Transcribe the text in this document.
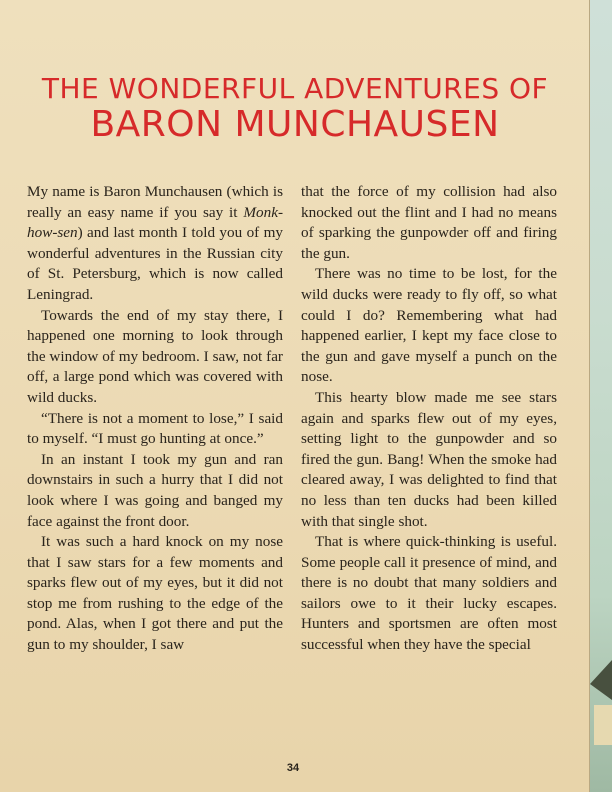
THE WONDERFUL ADVENTURES OF
BARON MUNCHAUSEN

My name is Baron Munchausen (which is really an easy name if you say it Monk-how-sen) and last month I told you of my wonderful adventures in the Russian city of St. Petersburg, which is now called Leningrad.

Towards the end of my stay there, I happened one morning to look through the window of my bedroom. I saw, not far off, a large pond which was covered with wild ducks.

“There is not a moment to lose,” I said to myself. “I must go hunting at once.”

In an instant I took my gun and ran downstairs in such a hurry that I did not look where I was going and banged my face against the front door.

It was such a hard knock on my nose that I saw stars for a few moments and sparks flew out of my eyes, but it did not stop me from rushing to the edge of the pond. Alas, when I got there and put the gun to my shoulder, I saw

that the force of my collision had also knocked out the flint and I had no means of sparking the gunpowder off and firing the gun.

There was no time to be lost, for the wild ducks were ready to fly off, so what could I do? Remembering what had happened earlier, I kept my face close to the gun and gave myself a punch on the nose.

This hearty blow made me see stars again and sparks flew out of my eyes, setting light to the gunpowder and so fired the gun. Bang! When the smoke had cleared away, I was delighted to find that no less than ten ducks had been killed with that single shot.

That is where quick-thinking is useful. Some people call it presence of mind, and there is no doubt that many soldiers and sailors owe to it their lucky escapes. Hunters and sportsmen are often most successful when they have the special

34
